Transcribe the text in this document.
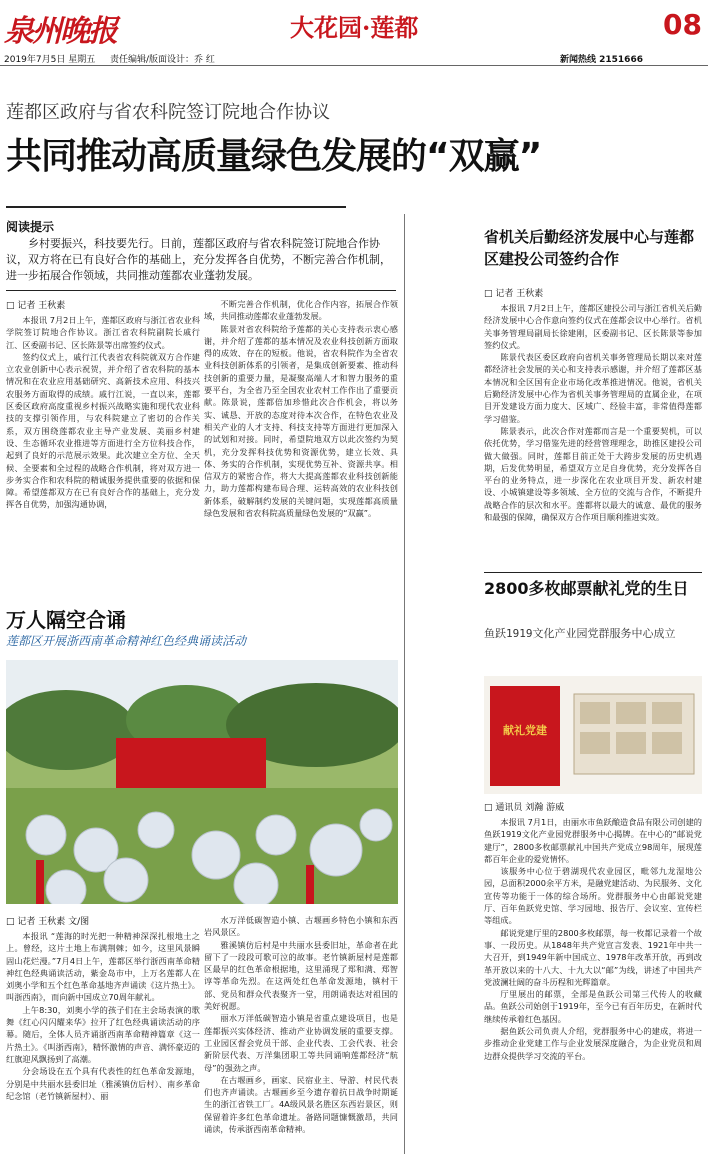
泉州晚报	大花园·莲都	08
2019年7月5日 星期五 责任编辑/版面设计：乔 红	新闻热线 2151666
莲都区政府与省农科院签订院地合作协议
共同推动高质量绿色发展的“双赢”
阅读提示
乡村要振兴，科技要先行。日前，莲都区政府与省农科院签订院地合作协议，双方将在已有良好合作的基础上，充分发挥各自优势，不断完善合作机制，进一步拓展合作领域，共同推动莲都农业蓬勃发展。
□ 记者 王秋素

本报讯 7月2日上午，莲都区政府与浙江省农业科学院签订院地合作协议。浙江省农科院副院长戚行江、区委副书记、区长陈景等出席签约仪式。

签约仪式上，戚行江代表省农科院就双方合作建立农业创新中心表示祝贺，并介绍了省农科院的基本情况和在农业应用基础研究、高新技术应用、科技兴农服务方面取得的成绩。戚行江说，一直以来，莲都区委区政府高度重视乡村振兴战略实施和现代农业科技的支撑引领作用，与农科院建立了密切的合作关系，双方围绕莲都农业主导产业发展、美丽乡村建设、生态循环农业推进等方面进行全方位科技合作，起到了良好的示范展示效果。此次建立全方位、全天候、全要素和全过程的战略合作机制，将对双方进一步务实合作和农科院的精诚服务提供重要的依据和保障。希望莲都双方在已有良好合作的基础上，充分发挥各自优势，加强沟通协调，

不断完善合作机制，优化合作内容，拓展合作领域，共同推动莲都农业蓬勃发展。

陈景对省农科院给予莲都的关心支持表示衷心感谢，并介绍了莲都的基本情况及农业科技创新方面取得的成效、存在的短板。他说，省农科院作为全省农业科技创新体系的引领者，是集成创新要素、推动科技创新的重要力量，是凝聚高端人才和智力服务的重要平台，为全省乃至全国农业农村工作作出了重要贡献。陈景说，莲都倍加珍惜此次合作机会，将以务实、诚恳、开放的态度对待本次合作，在特色农业及相关产业的人才支持、科技支持等方面进行更加深入的试划和对接。同时，希望院地双方以此次签约为契机，充分发挥科技优势和资源优势，建立长效、具体、务实的合作机制，实现优势互补、资源共享。相信双方的紧密合作，将大大提高莲都农业科技创新能力，助力莲都构建布局合理、运转高效的农业科技创新体系，破解制约发展的关键问题，实现莲都高质量绿色发展和省农科院高质量绿色发展的“双赢”。

万人隔空合诵
莲都区开展浙西南革命精神红色经典诵读活动
□ 记者 王秋素 文/图

本报讯 “莲海的时光把一种精神深深扎根地土之上。曾经，这片土地上布满荆棘；如今，这里风景瞬固山花烂漫。”7月4日上午，莲都区举行浙西南革命精神红色经典诵读活动，紫金岛市中，上万名莲都人在刘奥小学和五个红色革命基地齐声诵读《这片热土》。叫浙西南》，而向新中国成立70周年献礼。

上午8:30，刘奥小学的孩子们在主会场表演的歌舞《红心闪闪耀来华》拉开了红色经典诵读活动的序幕。随后，全体人员齐诵浙西南革命精神篇章《这一片热土》。《叫浙西南》，精怀激情的声音、满怀豪迈的红旗迎风飘扬到了高潮。

分会场设在五个具有代表性的红色革命发源地，分别是中共丽水县委旧址（雅溪镇仿后村）、南乡革命纪念馆（老竹镇新屋村）、丽

水万洋低碳智造小镇、古堰画乡特色小镇和东西岩风景区。

雅溪镇仿后村是中共丽水县委旧址，革命者在此留下了一段段可歌可泣的故事。老竹镇新屋村是莲都区最早的红色革命根据地，这里涌现了郑和满、郑智谆等革命先烈。在这两处红色革命发源地，镇村干部、党员和群众代表聚齐一堂，用朗诵表达对祖国的美好祝愿。

丽水万洋低碳智造小镇是省重点建设项目，也是莲都振兴实体经济、推动产业协调发展的重要支撑。工业园区督会党员干部、企业代表、工会代表、社会新阶层代表、万洋集团职工等共同诵响莲都经济“航母”的强劲之声。

在古堰画乡，画家、民宿业主、导游、村民代表们也齐声诵读。古堰画乡至今遗存着抗日战争时期诞生的浙江省铁工厂。4A级风景名胜区东西岩景区，则保留着许多红色革命遗址。备路同题慷慨激昂，共同诵读，传承浙西南革命精神。

省机关后勤经济发展中心与莲都区建投公司签约合作
□ 记者 王秋素

本报讯 7月2日上午，莲都区建投公司与浙江省机关后勤经济发展中心合作意向签约仪式在莲都会议中心举行。省机关事务管理局副局长徐建刚，区委副书记、区长陈景等参加签约仪式。

陈景代表区委区政府向省机关事务管理局长期以来对莲都经济社会发展的关心和支持表示感谢，并介绍了莲都区基本情况和全区国有企业市场化改革推进情况。他说，省机关后勤经济发展中心作为省机关事务管理局的直属企业，在项目开发建设方面力度大、区域广、经验丰富，非常值得莲都学习借鉴。

陈景表示，此次合作对莲都而言是一个重要契机，可以依托优势，学习借鉴先进的经营管理理念，助推区建投公司做大做强。同时，莲都目前正处于大跨步发展的历史机遇期，后发优势明显，希望双方立足自身优势，充分发挥各自平台的业务特点，进一步深化在农业项目开发、新农村建设、小城镇建设等多领域、全方位的交流与合作，不断提升战略合作的层次和水平。莲都将以最大的诚意、最优的服务和最强的保障，确保双方合作项目顺利推进实效。

2800多枚邮票献礼党的生日
鱼跃1919文化产业园党群服务中心成立
献礼党建
□ 通讯员 刘瀚 游威

本报讯 7月1日，由丽水市鱼跃酿造食品有限公司创建的鱼跃1919文化产业园党群服务中心揭牌。在中心的“邮说党建厅”，2800多枚邮票献礼中国共产党成立98周年，展现莲都百年企业的爱党情怀。

该服务中心位于碧湖现代农业园区，毗邻九龙湿地公园，总面积2000余平方米，是融党建活动、为民服务、文化宣传等功能于一体的综合场所。党群服务中心由邮说党建厅、百年鱼跃党史馆、学习园地、报告厅、会议室、宣传栏等组成。

邮说党建厅里的2800多枚邮票，每一枚都记录着一个故事、一段历史。从1848年共产党宣言发表、1921年中共一大召开，到1949年新中国成立、1978年改革开放，再到改革开放以来的十八大、十九大以“邮”为线，讲述了中国共产党波澜壮阔的奋斗历程和光辉篇章。

厅里展出的邮票，全部是鱼跃公司第三代传人的收藏品。鱼跃公司始创于1919年，至今已有百年历史，在新时代继续传承着红色基因。

据鱼跃公司负责人介绍，党群服务中心的建成，将进一步推动企业党建工作与企业发展深度融合，为企业党员和周边群众提供学习交流的平台。
